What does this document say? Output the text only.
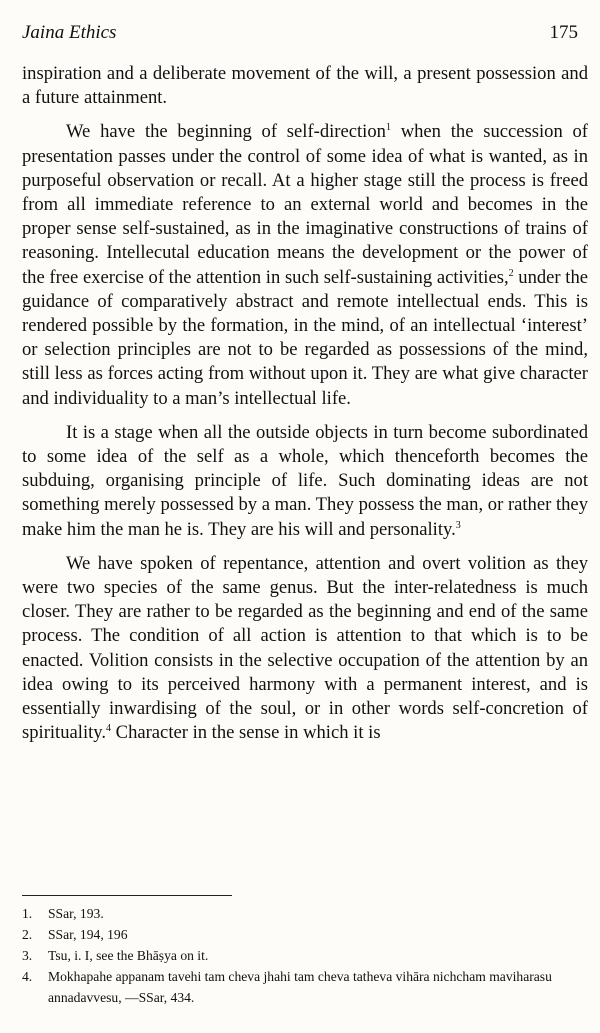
Jaina Ethics	175

inspiration and a deliberate movement of the will, a present possession and a future attainment.

We have the beginning of self-direction$^1$ when the succession of presentation passes under the control of some idea of what is wanted, as in purposeful observation or recall. At a higher stage still the process is freed from all immediate reference to an external world and becomes in the proper sense self-sustained, as in the imaginative constructions of trains of reasoning. Intellecutal education means the development or the power of the free exercise of the attention in such self-sustaining activities,$^2$ under the guidance of comparatively abstract and remote intellectual ends. This is rendered possible by the formation, in the mind, of an intellectual ‘interest’ or selection principles are not to be regarded as possessions of the mind, still less as forces acting from without upon it. They are what give character and individuality to a man’s intellectual life.

It is a stage when all the outside objects in turn become subordinated to some idea of the self as a whole, which thenceforth becomes the subduing, organising principle of life. Such dominating ideas are not something merely possessed by a man. They possess the man, or rather they make him the man he is. They are his will and personality.$^3$

We have spoken of repentance, attention and overt volition as they were two species of the same genus. But the inter-relatedness is much closer. They are rather to be regarded as the beginning and end of the same process. The condition of all action is attention to that which is to be enacted. Volition consists in the selective occupation of the attention by an idea owing to its perceived harmony with a permanent interest, and is essentially inwardising of the soul, or in other words self-concretion of spirituality.$^4$ Character in the sense in which it is

1. SSar, 193.
2. SSar, 194, 196
3. Tsu, i. I, see the Bhāṣya on it.
4. Mokhapahe appanam tavehi tam cheva jhahi tam cheva tatheva vihāra nichcham maviharasu annadavvesu, —SSar, 434.
